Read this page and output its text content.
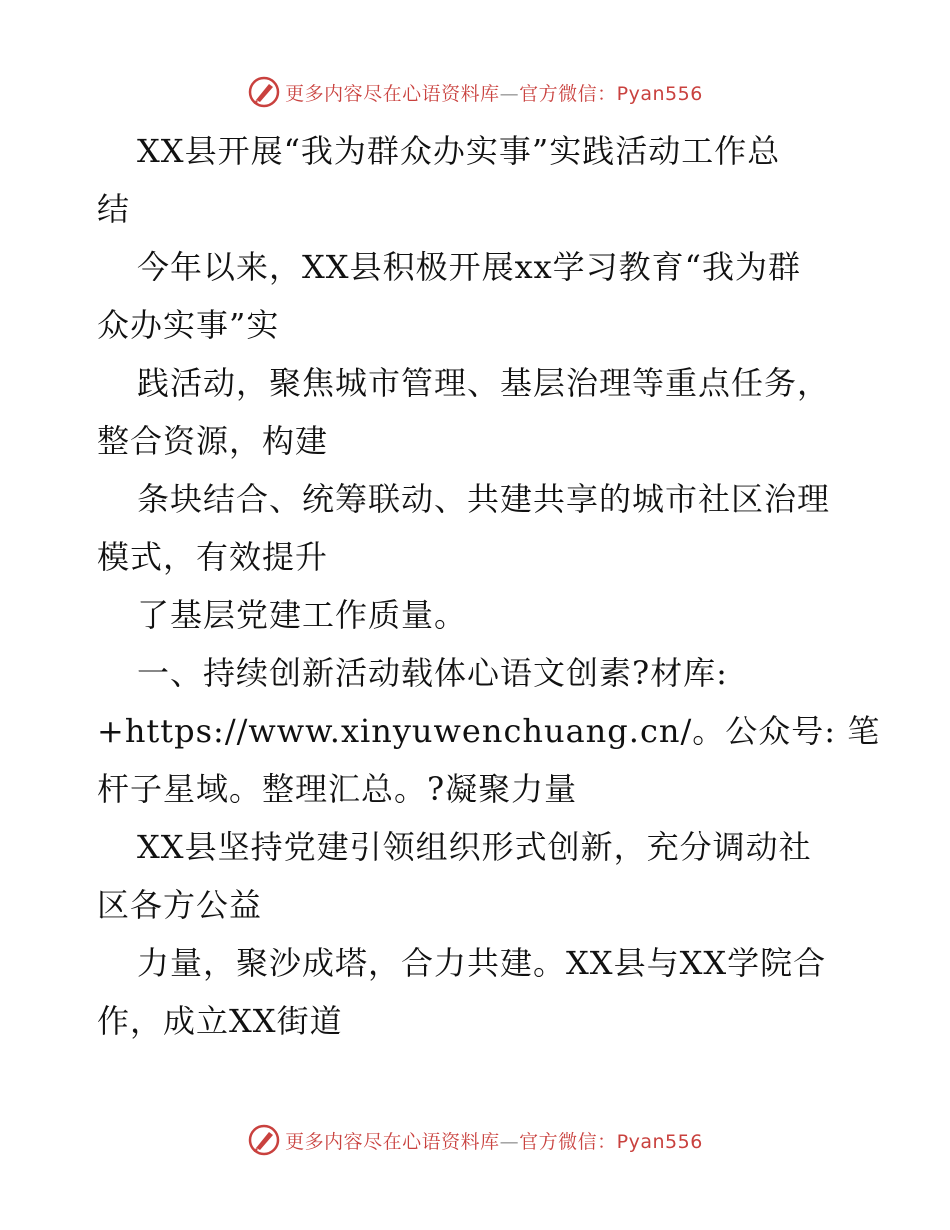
更多内容尽在心语资料库—官方微信：Pyan556
XX县开展“我为群众办实事”实践活动工作总
结
今年以来，XX县积极开展xx学习教育“我为群
众办实事”实
践活动，聚焦城市管理、基层治理等重点任务，
整合资源，构建
条块结合、统筹联动、共建共享的城市社区治理
模式，有效提升
了基层党建工作质量。
一、持续创新活动载体心语文创素?材库:
+https://www.xinyuwenchuang.cn/。公众号: 笔
杆子星域。整理汇总。?凝聚力量
XX县坚持党建引领组织形式创新，充分调动社
区各方公益
力量，聚沙成塔，合力共建。XX县与XX学院合
作，成立XX街道
更多内容尽在心语资料库—官方微信：Pyan556
